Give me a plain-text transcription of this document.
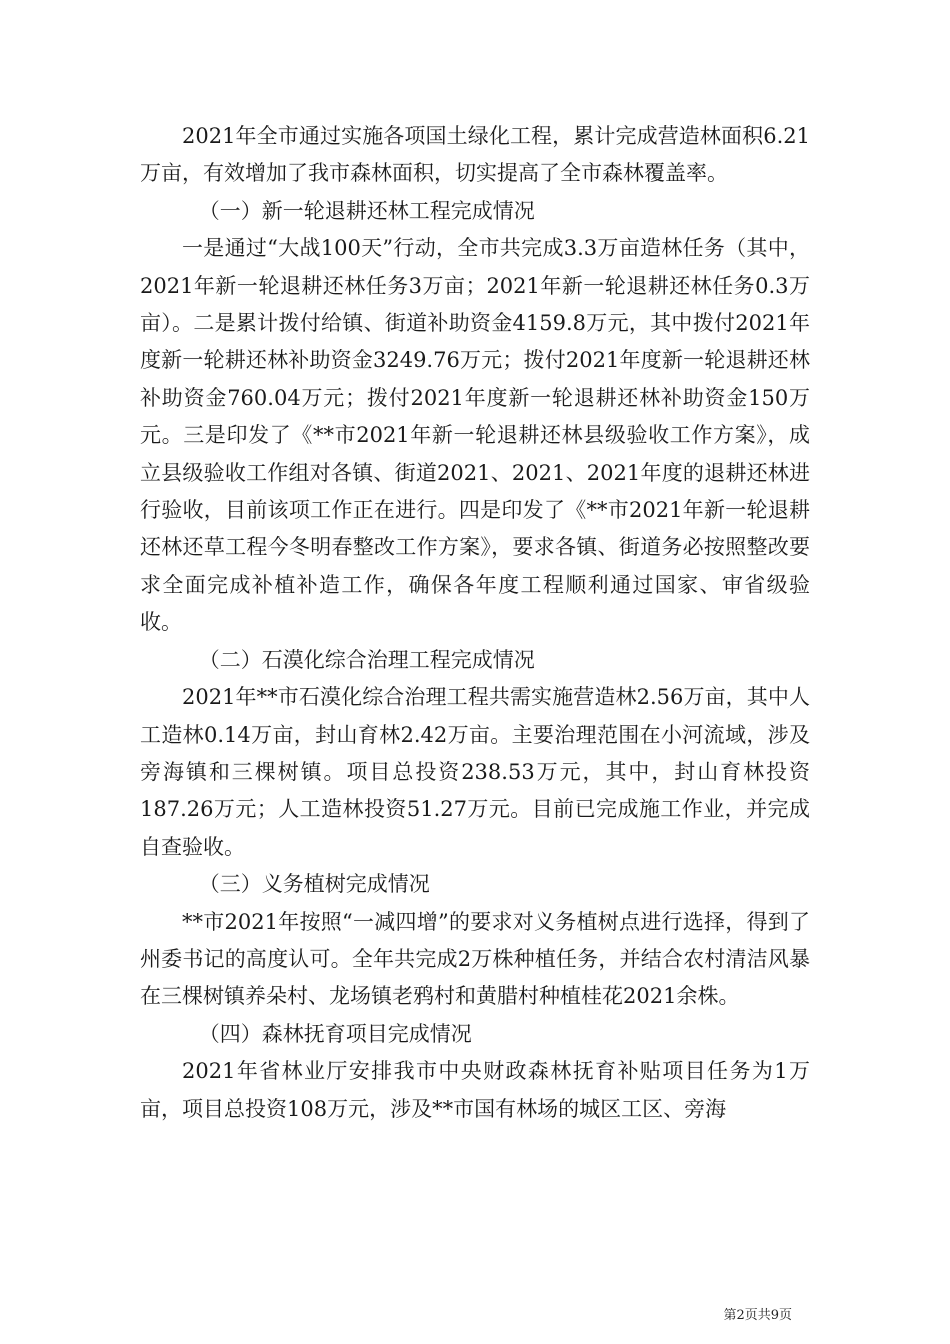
2021年全市通过实施各项国土绿化工程，累计完成营造林面积6.21万亩，有效增加了我市森林面积，切实提高了全市森林覆盖率。

（一）新一轮退耕还林工程完成情况

一是通过“大战100天”行动，全市共完成3.3万亩造林任务（其中，2021年新一轮退耕还林任务3万亩；2021年新一轮退耕还林任务0.3万亩）。二是累计拨付给镇、街道补助资金4159.8万元，其中拨付2021年度新一轮耕还林补助资金3249.76万元；拨付2021年度新一轮退耕还林补助资金760.04万元；拨付2021年度新一轮退耕还林补助资金150万元。三是印发了《**市2021年新一轮退耕还林县级验收工作方案》，成立县级验收工作组对各镇、街道2021、2021、2021年度的退耕还林进行验收，目前该项工作正在进行。四是印发了《**市2021年新一轮退耕还林还草工程今冬明春整改工作方案》，要求各镇、街道务必按照整改要求全面完成补植补造工作，确保各年度工程顺利通过国家、审省级验收。

（二）石漠化综合治理工程完成情况

2021年**市石漠化综合治理工程共需实施营造林2.56万亩，其中人工造林0.14万亩，封山育林2.42万亩。主要治理范围在小河流域，涉及旁海镇和三棵树镇。项目总投资238.53万元，其中，封山育林投资187.26万元；人工造林投资51.27万元。目前已完成施工作业，并完成自查验收。

（三）义务植树完成情况

**市2021年按照“一减四增”的要求对义务植树点进行选择，得到了州委书记的高度认可。全年共完成2万株种植任务，并结合农村清洁风暴在三棵树镇养朵村、龙场镇老鸦村和黄腊村种植桂花2021余株。

（四）森林抚育项目完成情况

2021年省林业厅安排我市中央财政森林抚育补贴项目任务为1万亩，项目总投资108万元，涉及**市国有林场的城区工区、旁海

第2页共9页
